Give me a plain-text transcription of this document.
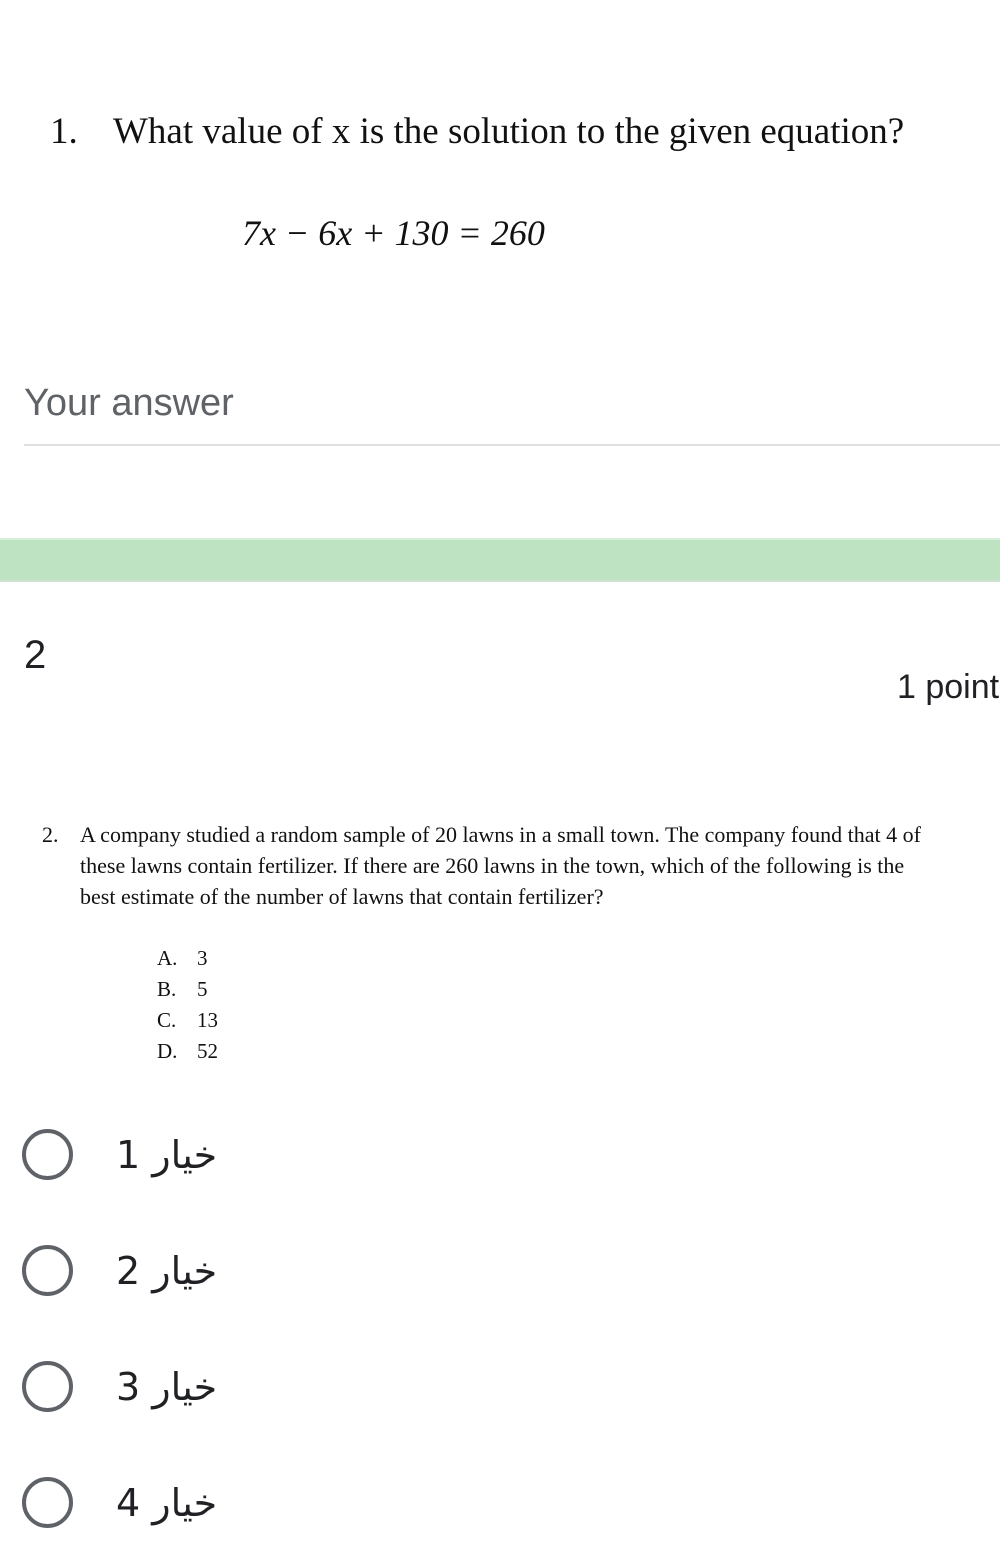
1. What value of x is the solution to the given equation?
7x − 6x + 130 = 260
Your answer
2
1 point
2. A company studied a random sample of 20 lawns in a small town. The company found that 4 of
these lawns contain fertilizer. If there are 260 lawns in the town, which of the following is the
best estimate of the number of lawns that contain fertilizer?
A. 3
B. 5
C. 13
D. 52
خيار 1
خيار 2
خيار 3
خيار 4
